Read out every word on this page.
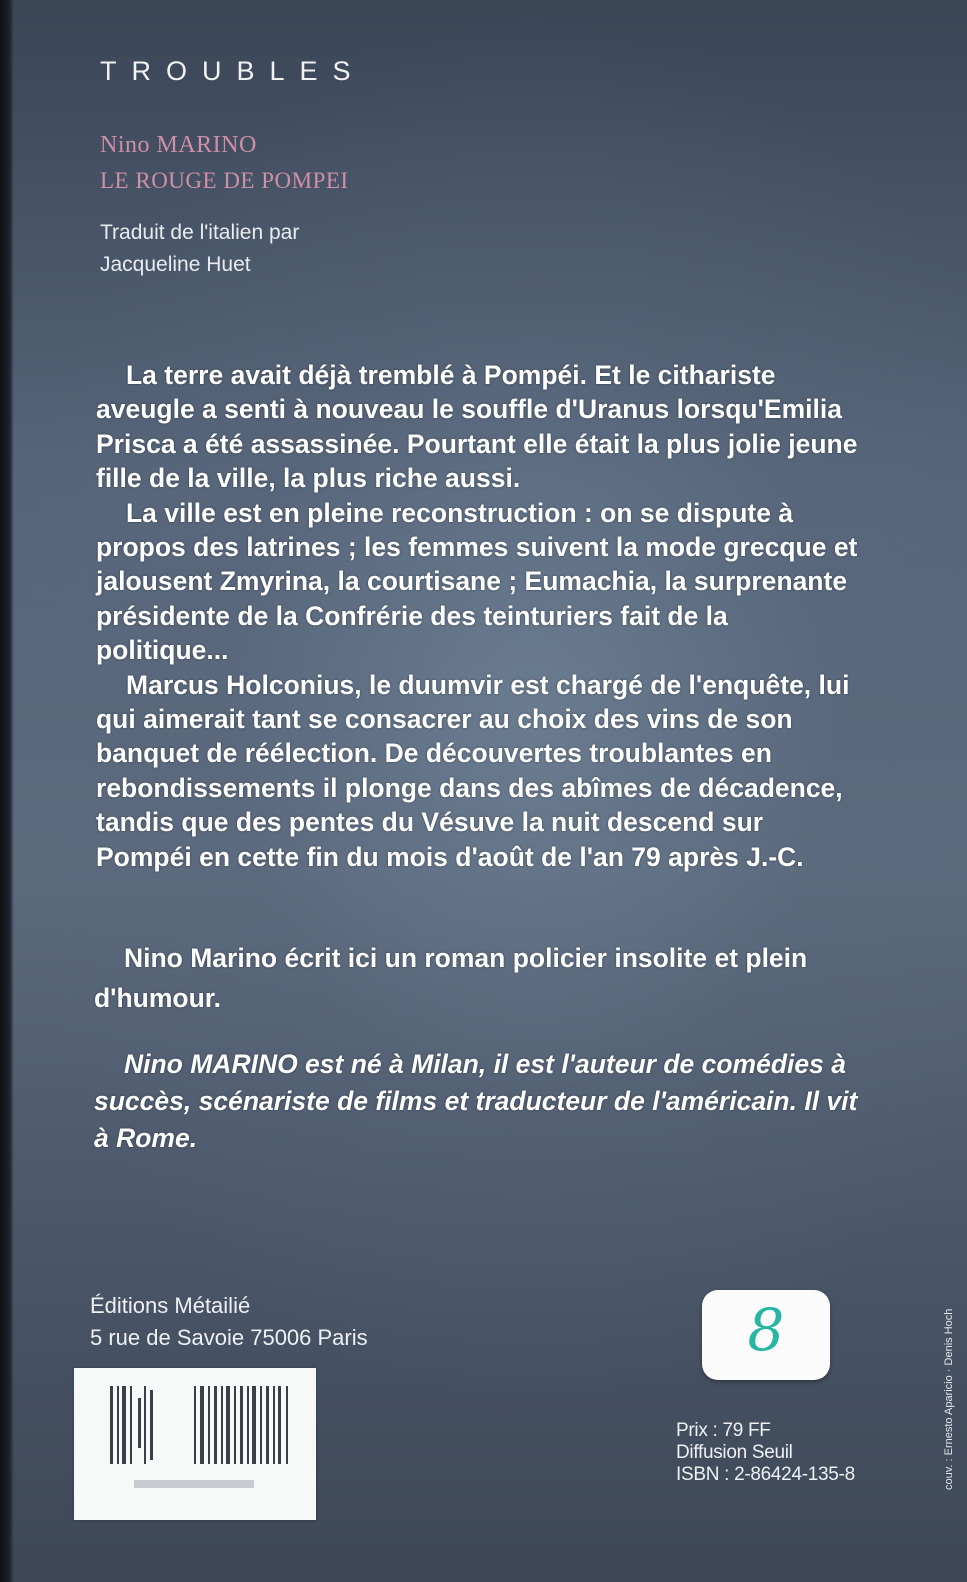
TROUBLES
Nino MARINO
LE ROUGE DE POMPEI
Traduit de l'italien par
Jacqueline Huet

La terre avait déjà tremblé à Pompéi. Et le cithariste aveugle a senti à nouveau le souffle d'Uranus lorsqu'Emilia Prisca a été assassinée. Pourtant elle était la plus jolie jeune fille de la ville, la plus riche aussi.

La ville est en pleine reconstruction : on se dispute à propos des latrines ; les femmes suivent la mode grecque et jalousent Zmyrina, la courtisane ; Eumachia, la surprenante présidente de la Confrérie des teinturiers fait de la politique...

Marcus Holconius, le duumvir est chargé de l'enquête, lui qui aimerait tant se consacrer au choix des vins de son banquet de réélection. De découvertes troublantes en rebondissements il plonge dans des abîmes de décadence, tandis que des pentes du Vésuve la nuit descend sur Pompéi en cette fin du mois d'août de l'an 79 après J.-C.

Nino Marino écrit ici un roman policier insolite et plein d'humour.
Nino MARINO est né à Milan, il est l'auteur de comédies à succès, scénariste de films et traducteur de l'américain. Il vit à Rome.
Éditions Métailié
5 rue de Savoie 75006 Paris	8
Prix : 79 FF
Diffusion Seuil
ISBN : 2-86424-135-8	couv. : Ernesto Aparicio · Denis Hoch
